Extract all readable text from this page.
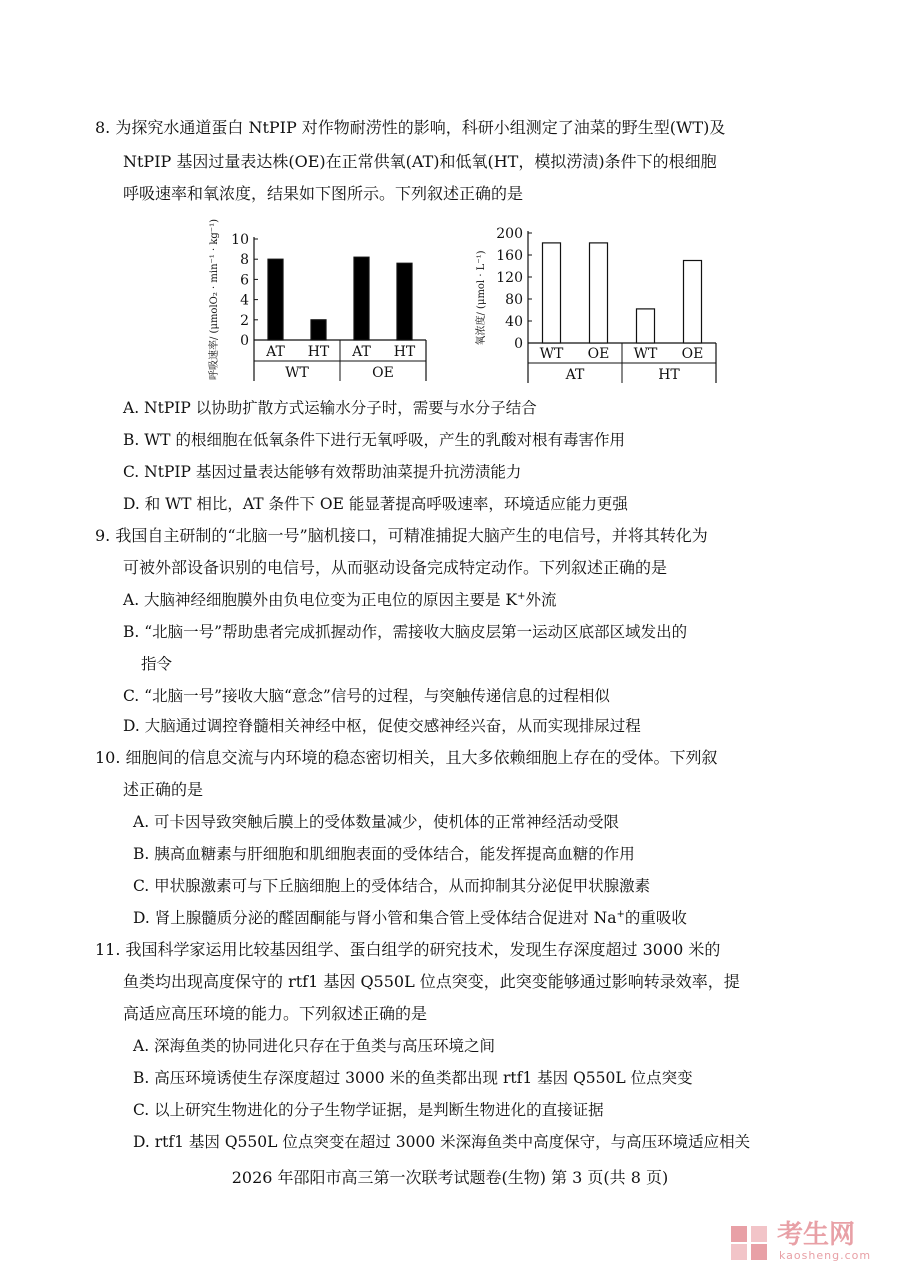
8. 为探究水通道蛋白 NtPIP 对作物耐涝性的影响，科研小组测定了油菜的野生型(WT)及
NtPIP 基因过量表达株(OE)在正常供氧(AT)和低氧(HT，模拟涝渍)条件下的根细胞
呼吸速率和氧浓度，结果如下图所示。下列叙述正确的是
呼吸速率/ (μmolO₂ · min⁻¹ · kg⁻¹) 10
8
6
4
2
0
AT HT AT HT
WT	OE
氧浓度/ (μmol · L⁻¹)
200
160
120
80
40
0
WT OE WT OE
AT	HT
A. NtPIP 以协助扩散方式运输水分子时，需要与水分子结合
B. WT 的根细胞在低氧条件下进行无氧呼吸，产生的乳酸对根有毒害作用
C. NtPIP 基因过量表达能够有效帮助油菜提升抗涝渍能力
D. 和 WT 相比，AT 条件下 OE 能显著提高呼吸速率，环境适应能力更强
9. 我国自主研制的“北脑一号”脑机接口，可精准捕捉大脑产生的电信号，并将其转化为
可被外部设备识别的电信号，从而驱动设备完成特定动作。下列叙述正确的是
A. 大脑神经细胞膜外由负电位变为正电位的原因主要是 K+外流
B. “北脑一号”帮助患者完成抓握动作，需接收大脑皮层第一运动区底部区域发出的
指令
C. “北脑一号”接收大脑“意念”信号的过程，与突触传递信息的过程相似
D. 大脑通过调控脊髓相关神经中枢，促使交感神经兴奋，从而实现排尿过程
10. 细胞间的信息交流与内环境的稳态密切相关，且大多依赖细胞上存在的受体。下列叙
述正确的是
A. 可卡因导致突触后膜上的受体数量减少，使机体的正常神经活动受限
B. 胰高血糖素与肝细胞和肌细胞表面的受体结合，能发挥提高血糖的作用
C. 甲状腺激素可与下丘脑细胞上的受体结合，从而抑制其分泌促甲状腺激素
D. 肾上腺髓质分泌的醛固酮能与肾小管和集合管上受体结合促进对 Na+的重吸收
11. 我国科学家运用比较基因组学、蛋白组学的研究技术，发现生存深度超过 3000 米的
鱼类均出现高度保守的 rtf1 基因 Q550L 位点突变，此突变能够通过影响转录效率，提
高适应高压环境的能力。下列叙述正确的是
A. 深海鱼类的协同进化只存在于鱼类与高压环境之间
B. 高压环境诱使生存深度超过 3000 米的鱼类都出现 rtf1 基因 Q550L 位点突变
C. 以上研究生物进化的分子生物学证据，是判断生物进化的直接证据
D. rtf1 基因 Q550L 位点突变在超过 3000 米深海鱼类中高度保守，与高压环境适应相关
2026 年邵阳市高三第一次联考试题卷(生物) 第 3 页(共 8 页)
考生网
kaosheng.com
